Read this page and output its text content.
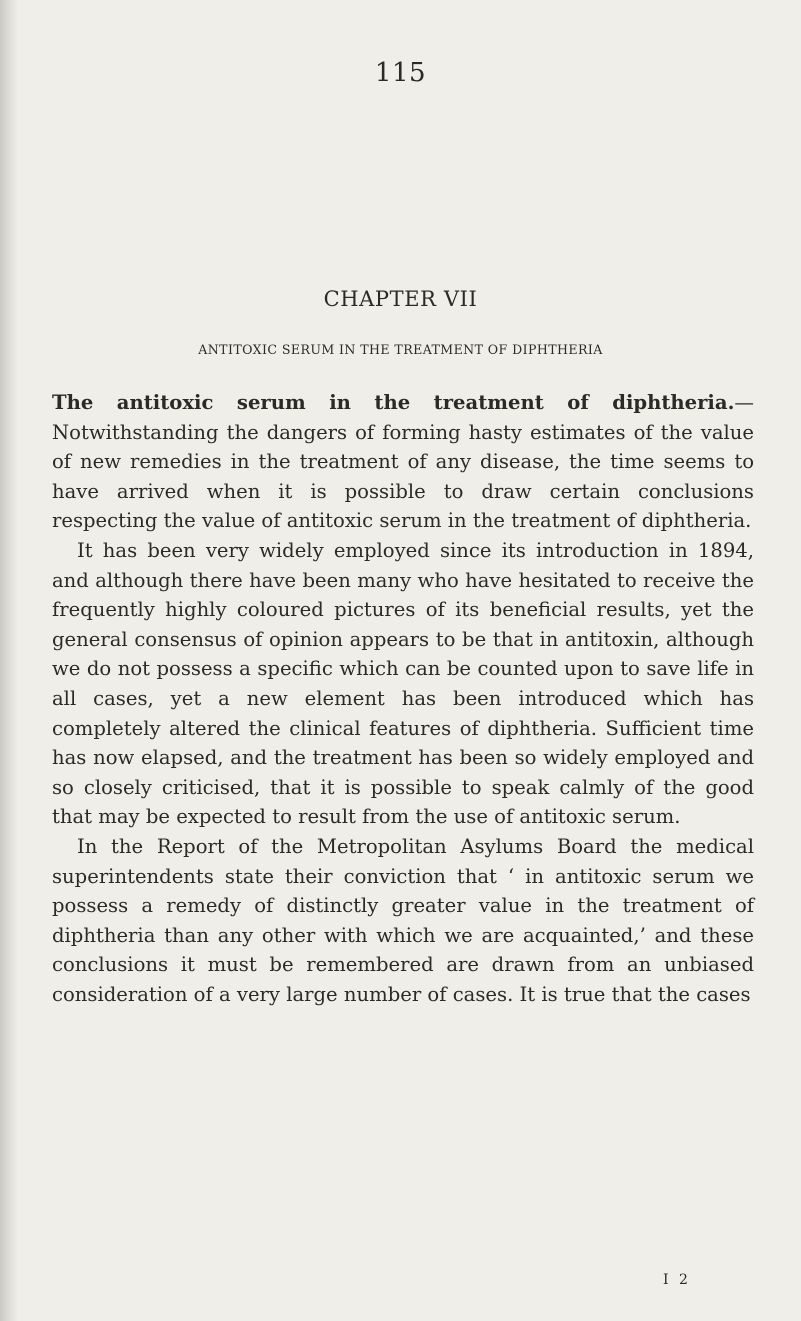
115
CHAPTER VII
ANTITOXIC SERUM IN THE TREATMENT OF DIPHTHERIA

The antitoxic serum in the treatment of diphtheria.— Notwithstanding the dangers of forming hasty estimates of the value of new remedies in the treatment of any disease, the time seems to have arrived when it is possible to draw certain conclusions respecting the value of antitoxic serum in the treatment of diphtheria.

It has been very widely employed since its introduction in 1894, and although there have been many who have hesitated to receive the frequently highly coloured pictures of its beneficial results, yet the general consensus of opinion appears to be that in antitoxin, although we do not possess a specific which can be counted upon to save life in all cases, yet a new element has been introduced which has completely altered the clinical features of diphtheria. Sufficient time has now elapsed, and the treatment has been so widely employed and so closely criticised, that it is possible to speak calmly of the good that may be expected to result from the use of antitoxic serum.

In the Report of the Metropolitan Asylums Board the medical superintendents state their conviction that ‘ in antitoxic serum we possess a remedy of distinctly greater value in the treatment of diphtheria than any other with which we are acquainted,’ and these conclusions it must be remembered are drawn from an unbiased consideration of a very large number of cases. It is true that the cases

I 2
